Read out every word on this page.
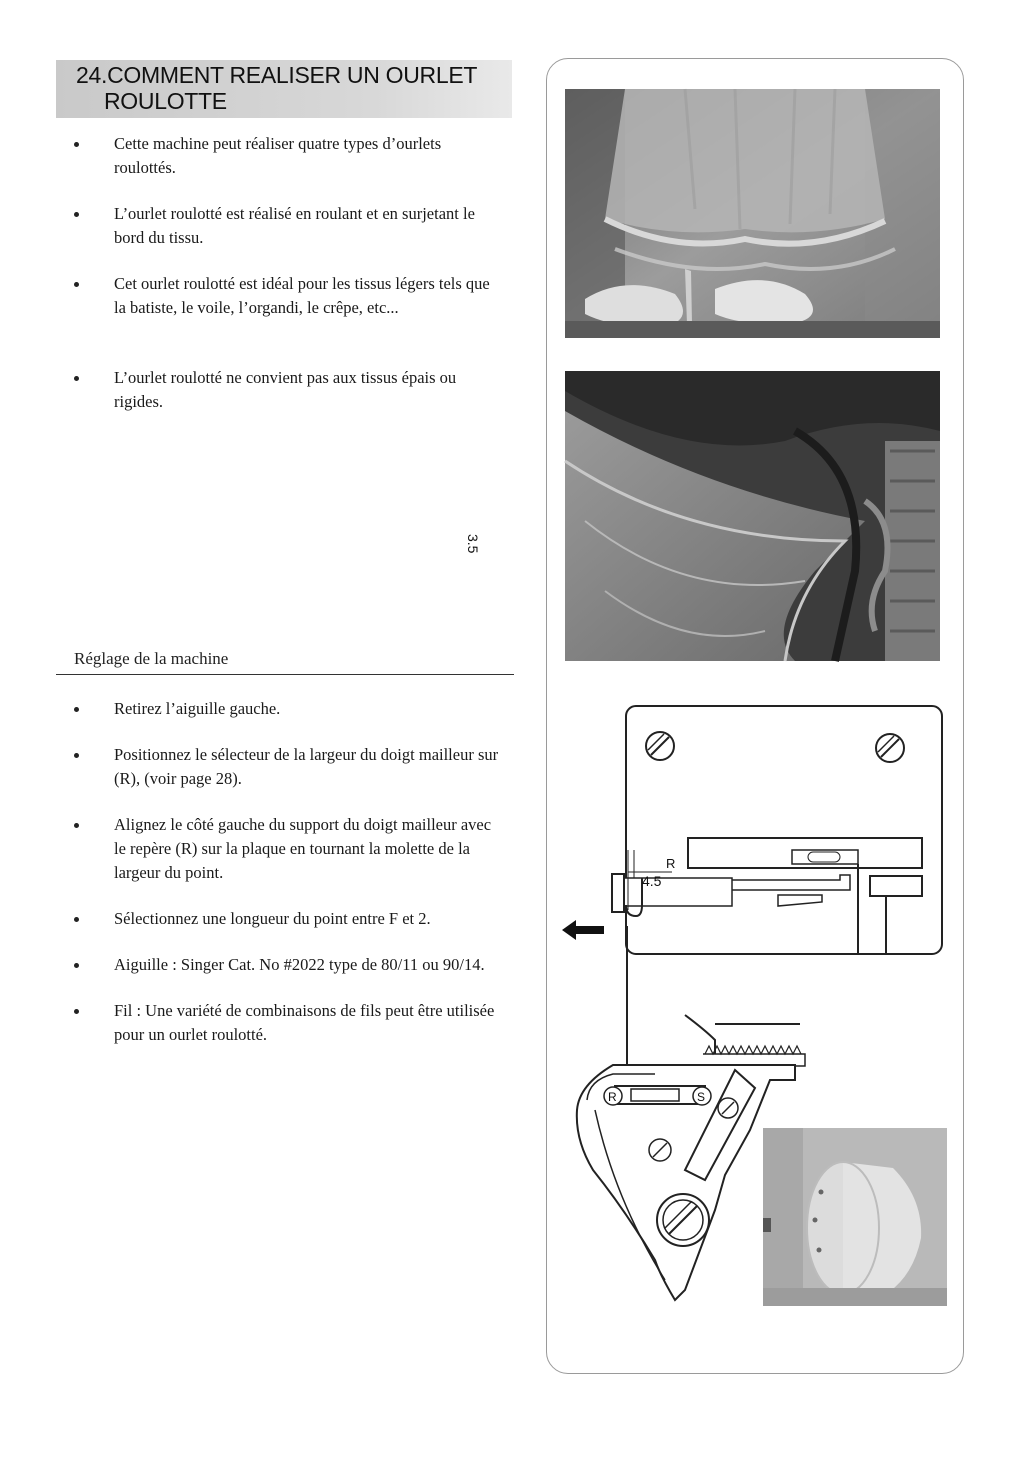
24.COMMENT REALISER UN OURLET
ROULOTTE
Cette machine peut réaliser quatre types d’ourlets roulottés.
L’ourlet roulotté est réalisé en roulant et en surjetant le bord du tissu.
Cet ourlet roulotté est idéal pour les tissus légers tels que la batiste, le voile, l’organdi, le crêpe, etc...
L’ourlet roulotté ne convient pas aux tissus épais ou rigides.
Réglage de la machine
Retirez l’aiguille gauche.
Positionnez le sélecteur de la largeur du doigt mailleur sur (R), (voir page 28).
Alignez le côté gauche du support du doigt mailleur avec le repère (R) sur la plaque en tournant la molette de la largeur du point.
Sélectionnez une longueur du point entre F et 2.
Aiguille : Singer Cat. No #2022 type de 80/11 ou 90/14.
Fil : Une variété de combinaisons de fils peut être utilisée pour un ourlet roulotté.
3.5
R
4.5
R	S
